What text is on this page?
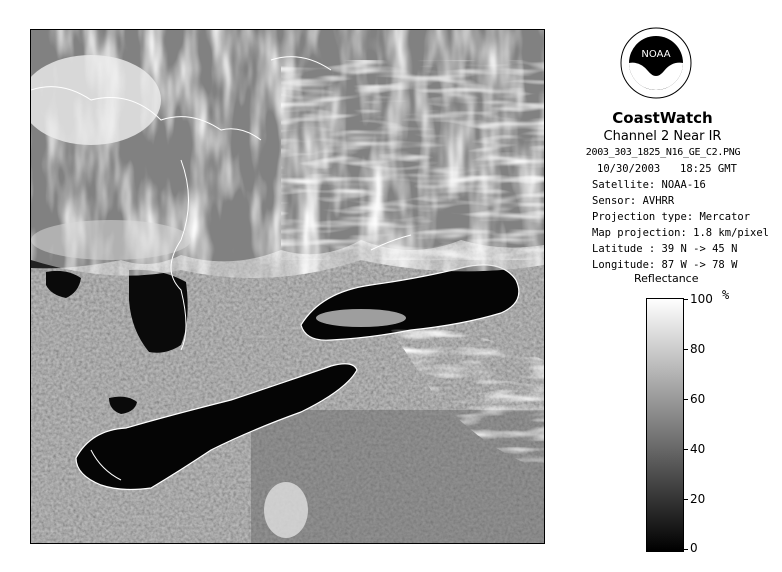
NOAA
CoastWatch
Channel 2 Near IR
2003_303_1825_N16_GE_C2.PNG
10/30/2003 18:25 GMT
Satellite: NOAA-16
Sensor: AVHRR
Projection type: Mercator
Map projection: 1.8 km/pixel
Latitude : 39 N -> 45 N
Longitude: 87 W -> 78 W
Reflectance
%
100
80
60
40
20
0
